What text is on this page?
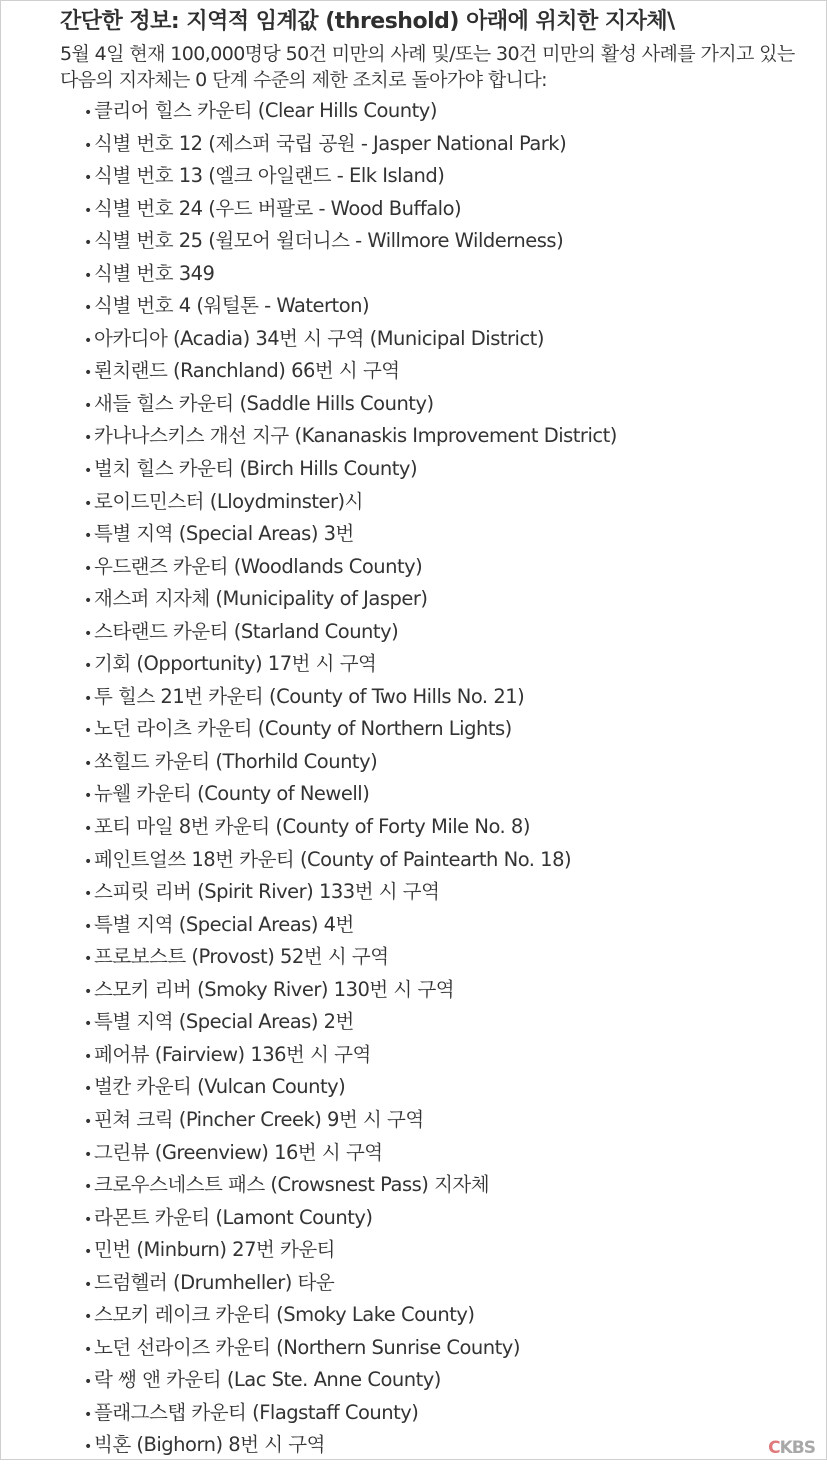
간단한 정보: 지역적 임계값 (threshold) 아래에 위치한 지자체\
5월 4일 현재 100,000명당 50건 미만의 사례 및/또는 30건 미만의 활성 사례를 가지고 있는 다음의 지자체는 0 단계 수준의 제한 조치로 돌아가야 합니다:
• 클리어 힐스 카운티 (Clear Hills County)
• 식별 번호 12 (제스퍼 국립 공원 - Jasper National Park)
• 식별 번호 13 (엘크 아일랜드 - Elk Island)
• 식별 번호 24 (우드 버팔로 - Wood Buffalo)
• 식별 번호 25 (윌모어 윌더니스 - Willmore Wilderness)
• 식별 번호 349
• 식별 번호 4 (워털톤 - Waterton)
• 아카디아 (Acadia) 34번 시 구역 (Municipal District)
• 뢴치랜드 (Ranchland) 66번 시 구역
• 새들 힐스 카운티 (Saddle Hills County)
• 카나나스키스 개선 지구 (Kananaskis Improvement District)
• 벌치 힐스 카운티 (Birch Hills County)
• 로이드민스터 (Lloydminster)시
• 특별 지역 (Special Areas) 3번
• 우드랜즈 카운티 (Woodlands County)
• 재스퍼 지자체 (Municipality of Jasper)
• 스타랜드 카운티 (Starland County)
• 기회 (Opportunity) 17번 시 구역
• 투 힐스 21번 카운티 (County of Two Hills No. 21)
• 노던 라이츠 카운티 (County of Northern Lights)
• 쏘힐드 카운티 (Thorhild County)
• 뉴웰 카운티 (County of Newell)
• 포티 마일 8번 카운티 (County of Forty Mile No. 8)
• 페인트얼쓰 18번 카운티 (County of Paintearth No. 18)
• 스피릿 리버 (Spirit River) 133번 시 구역
• 특별 지역 (Special Areas) 4번
• 프로보스트 (Provost) 52번 시 구역
• 스모키 리버 (Smoky River) 130번 시 구역
• 특별 지역 (Special Areas) 2번
• 페어뷰 (Fairview) 136번 시 구역
• 벌칸 카운티 (Vulcan County)
• 핀쳐 크릭 (Pincher Creek) 9번 시 구역
• 그린뷰 (Greenview) 16번 시 구역
• 크로우스네스트 패스 (Crowsnest Pass) 지자체
• 라몬트 카운티 (Lamont County)
• 민번 (Minburn) 27번 카운티
• 드럼헬러 (Drumheller) 타운
• 스모키 레이크 카운티 (Smoky Lake County)
• 노던 선라이즈 카운티 (Northern Sunrise County)
• 락 쌩 앤 카운티 (Lac Ste. Anne County)
• 플래그스탭 카운티 (Flagstaff County)
• 빅혼 (Bighorn) 8번 시 구역	CKBS
